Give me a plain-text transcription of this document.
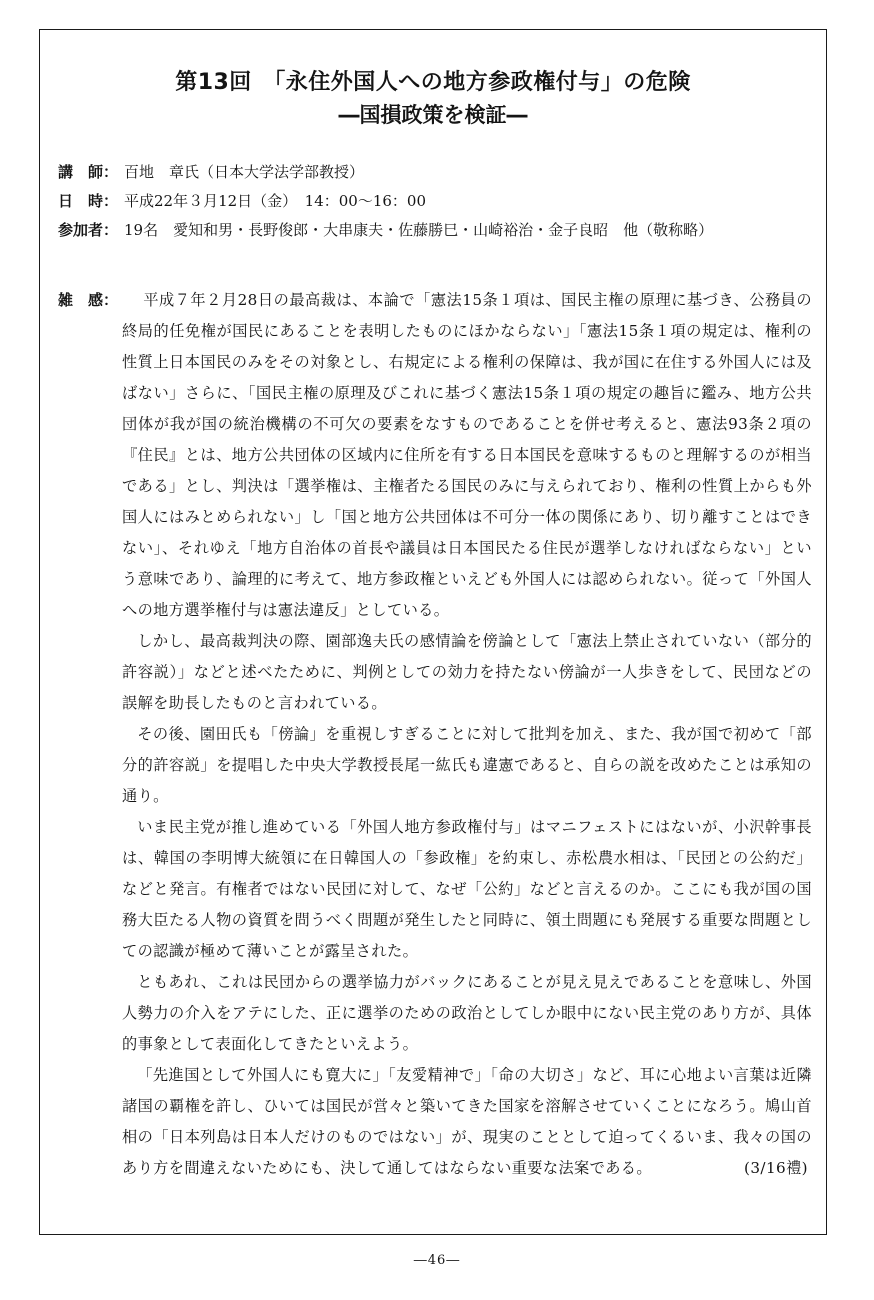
第13回　「永住外国人への地方参政権付与」の危険
―国損政策を検証―
講　師： 百地　章氏（日本大学法学部教授）
日　時： 平成22年３月12日（金）　14：00〜16：00
参加者： 19名　愛知和男・長野俊郎・大串康夫・佐藤勝巳・山崎裕治・金子良昭　他（敬称略）
雑　感：	平成７年２月28日の最高裁は、本論で「憲法15条１項は、国民主権の原理に基づき、公務員の終局的任免権が国民にあることを表明したものにほかならない」「憲法15条１項の規定は、権利の性質上日本国民のみをその対象とし、右規定による権利の保障は、我が国に在住する外国人には及ばない」さらに、「国民主権の原理及びこれに基づく憲法15条１項の規定の趣旨に鑑み、地方公共団体が我が国の統治機構の不可欠の要素をなすものであることを併せ考えると、憲法93条２項の『住民』とは、地方公共団体の区域内に住所を有する日本国民を意味するものと理解するのが相当である」とし、判決は「選挙権は、主権者たる国民のみに与えられており、権利の性質上からも外国人にはみとめられない」し「国と地方公共団体は不可分一体の関係にあり、切り離すことはできない」、それゆえ「地方自治体の首長や議員は日本国民たる住民が選挙しなければならない」という意味であり、論理的に考えて、地方参政権といえども外国人には認められない。従って「外国人への地方選挙権付与は憲法違反」としている。

しかし、最高裁判決の際、園部逸夫氏の感情論を傍論として「憲法上禁止されていない（部分的許容説）」などと述べたために、判例としての効力を持たない傍論が一人歩きをして、民団などの誤解を助長したものと言われている。

その後、園田氏も「傍論」を重視しすぎることに対して批判を加え、また、我が国で初めて「部分的許容説」を提唱した中央大学教授長尾一紘氏も違憲であると、自らの説を改めたことは承知の通り。

いま民主党が推し進めている「外国人地方参政権付与」はマニフェストにはないが、小沢幹事長は、韓国の李明博大統領に在日韓国人の「参政権」を約束し、赤松農水相は、「民団との公約だ」などと発言。有権者ではない民団に対して、なぜ「公約」などと言えるのか。ここにも我が国の国務大臣たる人物の資質を問うべく問題が発生したと同時に、領土問題にも発展する重要な問題としての認識が極めて薄いことが露呈された。

ともあれ、これは民団からの選挙協力がバックにあることが見え見えであることを意味し、外国人勢力の介入をアテにした、正に選挙のための政治としてしか眼中にない民主党のあり方が、具体的事象として表面化してきたといえよう。

「先進国として外国人にも寛大に」「友愛精神で」「命の大切さ」など、耳に心地よい言葉は近隣諸国の覇権を許し、ひいては国民が営々と築いてきた国家を溶解させていくことになろう。鳩山首相の「日本列島は日本人だけのものではない」が、現実のこととして迫ってくるいま、我々の国のあり方を間違えないためにも、決して通してはならない重要な法案である。	(3/16禮)
―46―
